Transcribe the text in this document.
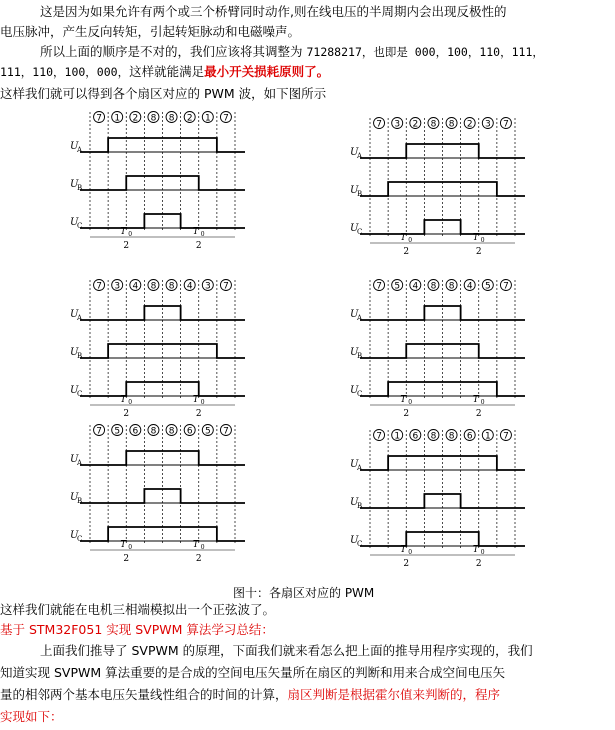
这是因为如果允许有两个或三个桥臂同时动作,则在线电压的半周期内会出现反极性的
电压脉冲，产生反向转矩，引起转矩脉动和电磁噪声。
所以上面的顺序是不对的，我们应该将其调整为 71288217，也即是 000，100，110，111，
111，110，100，000，这样就能满足最小开关损耗原则了。
这样我们就可以得到各个扇区对应的 PWM 波，如下图所示
7 1 2 8 8 2 1 7
U
A
U
B
U
C
T 0
2
T 0
2
7 3 2 8 8 2 3 7
U
A
U
B
U
C
T 0
2
T 0
2
7 3 4 8 8 4 3 7
U
A
U
B
U
C
T 0
2
T 0
2
7 5 4 8 8 4 5 7
U
A
U
B
U
C
T 0
2
T 0
2
7 5 6 8 8 6 5 7
U
A
U
B
U
C
T 0
2
T 0
2
7 1 6 8 8 6 1 7
U
A
U
B
U
C
T 0
2
T 0
2
图十：各扇区对应的 PWM
这样我们就能在电机三相端模拟出一个正弦波了。
基于 STM32F051 实现 SVPWM 算法学习总结：
上面我们推导了 SVPWM 的原理，下面我们就来看怎么把上面的推导用程序实现的，我们
知道实现 SVPWM 算法重要的是合成的空间电压矢量所在扇区的判断和用来合成空间电压矢
量的相邻两个基本电压矢量线性组合的时间的计算，扇区判断是根据霍尔值来判断的，程序
实现如下：
